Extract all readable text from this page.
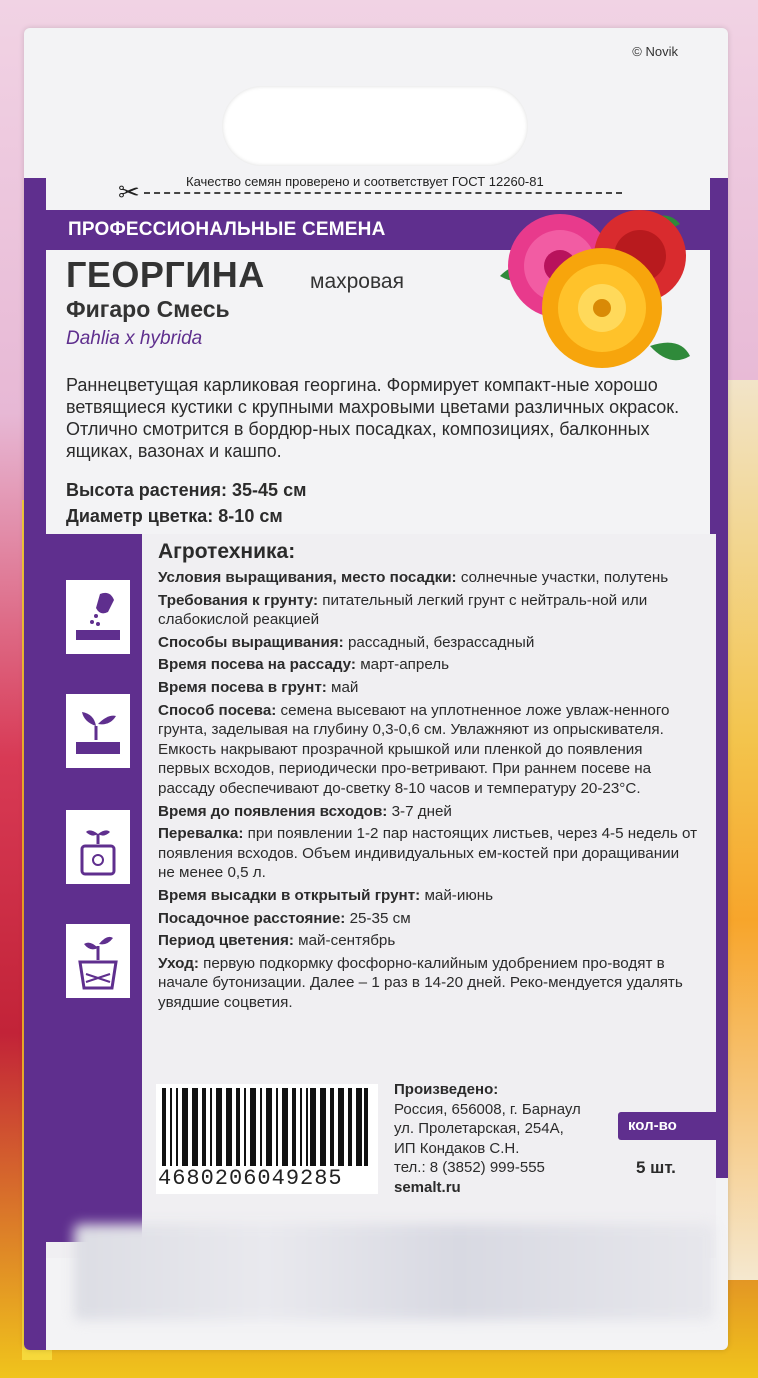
© Novik
✂	Качество семян проверено и соответствует ГОСТ 12260-81
ПРОФЕССИОНАЛЬНЫЕ СЕМЕНА
ГЕОРГИНА махровая
Фигаро Смесь
Dahlia x hybrida
Раннецветущая карликовая георгина. Формирует компакт-ные хорошо ветвящиеся кустики с крупными махровыми цветами различных окрасок. Отлично смотрится в бордюр-ных посадках, композициях, балконных ящиках, вазонах и кашпо.
Высота растения: 35-45 см
Диаметр цветка: 8-10 см
Агротехника:

Условия выращивания, место посадки: солнечные участки, полутень

Требования к грунту: питательный легкий грунт с нейтраль-ной или слабокислой реакцией

Способы выращивания: рассадный, безрассадный

Время посева на рассаду: март-апрель

Время посева в грунт: май

Способ посева: семена высевают на уплотненное ложе увлаж-ненного грунта, заделывая на глубину 0,3-0,6 см. Увлажняют из опрыскивателя. Емкость накрывают прозрачной крышкой или пленкой до появления первых всходов, периодически про-ветривают. При раннем посеве на рассаду обеспечивают до-светку 8-10 часов и температуру 20-23°С.

Время до появления всходов: 3-7 дней

Перевалка: при появлении 1-2 пар настоящих листьев, через 4-5 недель от появления всходов. Объем индивидуальных ем-костей при доращивании не менее 0,5 л.

Время высадки в открытый грунт: май-июнь

Посадочное расстояние: 25-35 см

Период цветения: май-сентябрь

Уход: первую подкормку фосфорно-калийным удобрением про-водят в начале бутонизации. Далее – 1 раз в 14-20 дней. Реко-мендуется удалять увядшие соцветия.

4680206049285
Произведено:
Россия, 656008, г. Барнаул
ул. Пролетарская, 254А,
ИП Кондаков С.Н.
тел.: 8 (3852) 999-555
semalt.ru
кол-во
5 шт.
